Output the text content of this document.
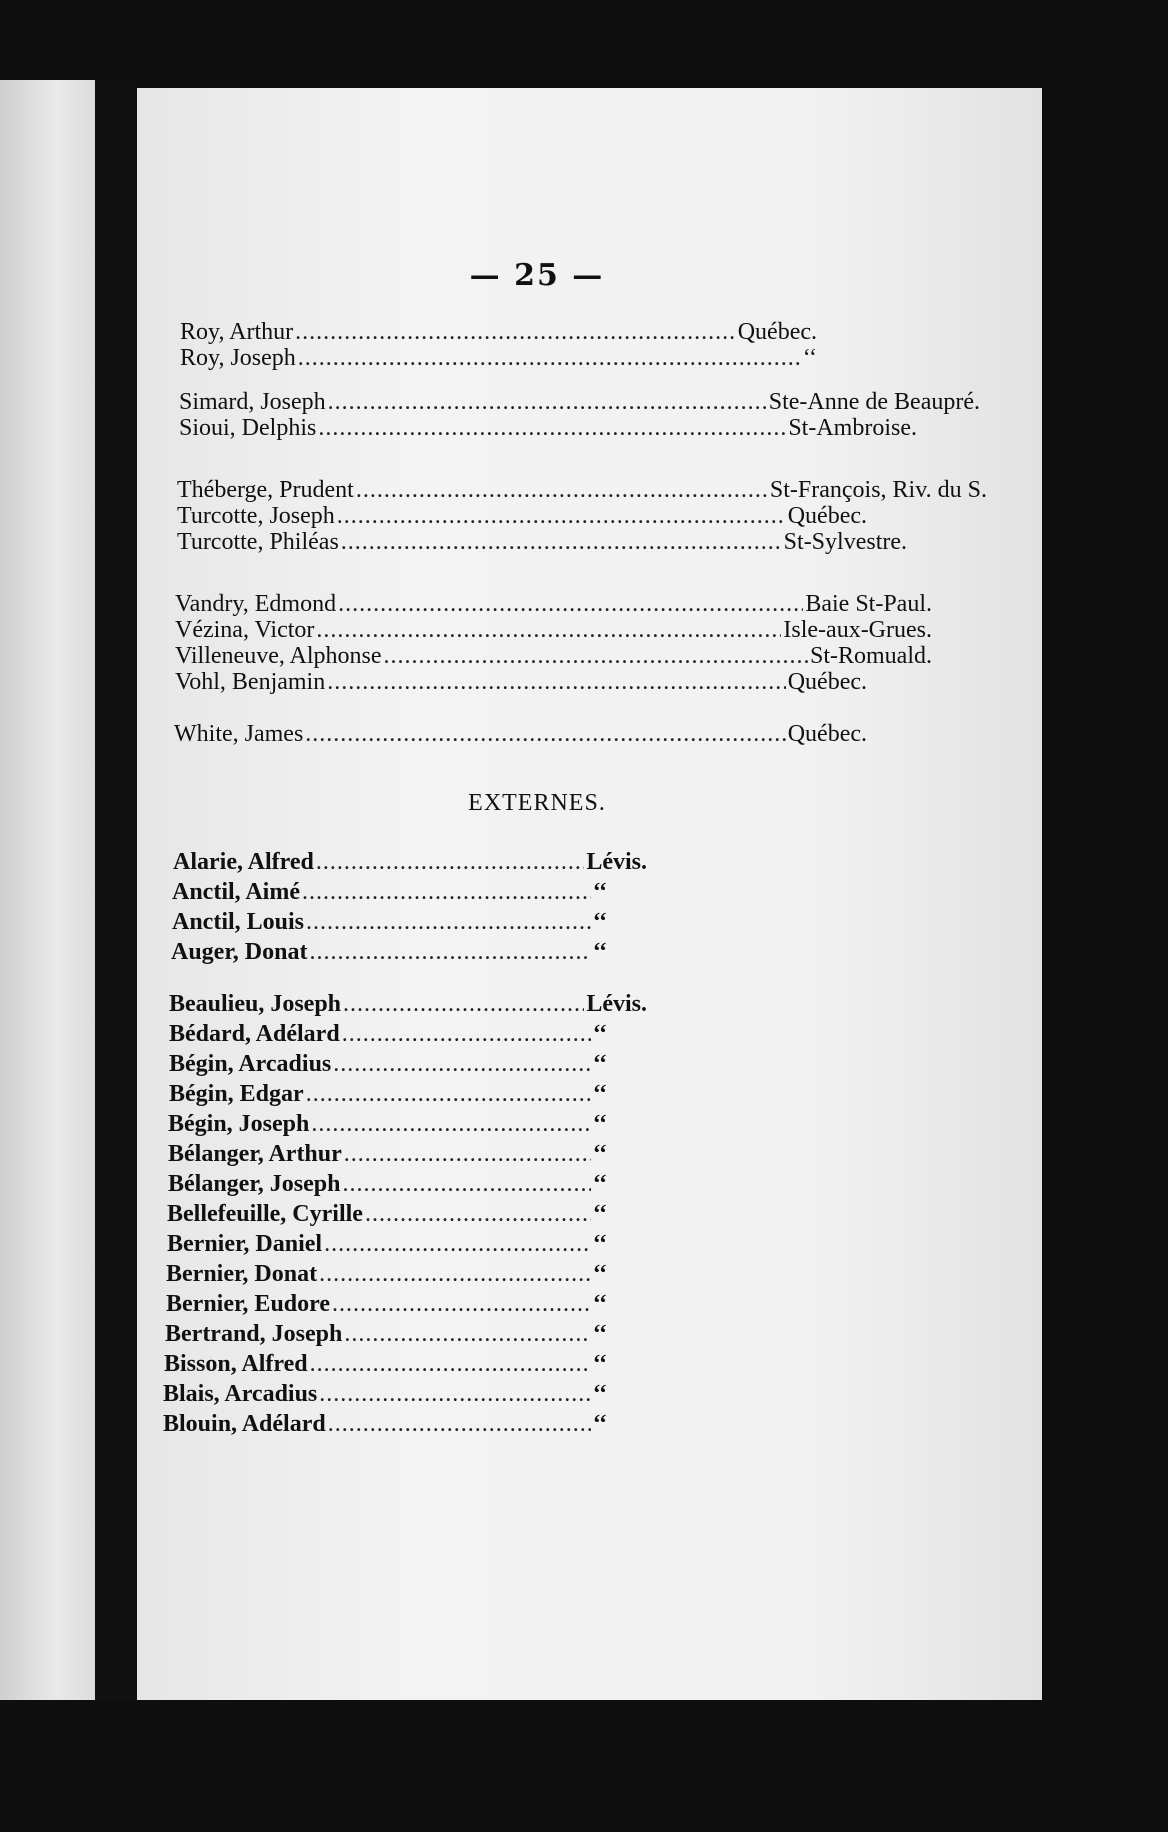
— 25 —
Roy, Arthur .....	Québec.
Roy, Joseph .....	‘‘
Simard, Joseph .....	Ste-Anne de Beaupré.
Sioui, Delphis .....	St-Ambroise.
Théberge, Prudent .....	St-François, Riv. du S.
Turcotte, Joseph .....	Québec.
Turcotte, Philéas .....	St-Sylvestre.
Vandry, Edmond .....	Baie St-Paul.
Vézina, Victor .....	Isle-aux-Grues.
Villeneuve, Alphonse .....	St-Romuald.
Vohl, Benjamin .....	Québec.
White, James .....	Québec.
EXTERNES.
Alarie, Alfred .....	Lévis.
Anctil, Aimé .....	‘‘
Anctil, Louis .....	‘‘
Auger, Donat .....	‘‘
Beaulieu, Joseph .....	Lévis.
Bédard, Adélard .....	‘‘
Bégin, Arcadius .....	‘‘
Bégin, Edgar .....	‘‘
Bégin, Joseph .....	‘‘
Bélanger, Arthur .....	‘‘
Bélanger, Joseph .....	‘‘
Bellefeuille, Cyrille .....	‘‘
Bernier, Daniel .....	‘‘
Bernier, Donat .....	‘‘
Bernier, Eudore .....	‘‘
Bertrand, Joseph .....	‘‘
Bisson, Alfred .....	‘‘
Blais, Arcadius .....	‘‘
Blouin, Adélard .....	‘‘
